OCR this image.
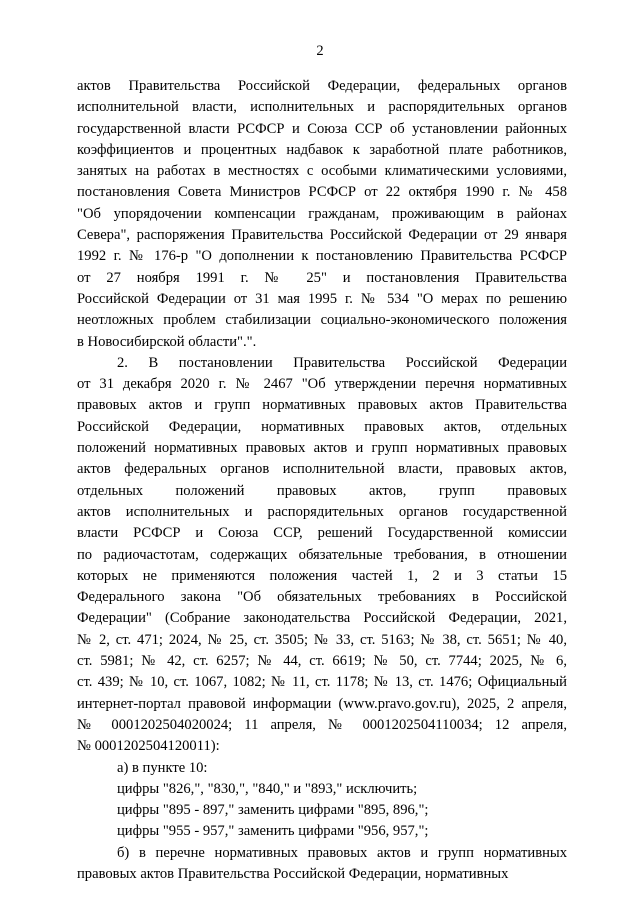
2

актов Правительства Российской Федерации, федеральных органов
исполнительной власти, исполнительных и распорядительных органов
государственной власти РСФСР и Союза ССР об установлении районных
коэффициентов и процентных надбавок к заработной плате работников,
занятых на работах в местностях с особыми климатическими условиями,
постановления Совета Министров РСФСР от 22 октября 1990 г. № 458
"Об упорядочении компенсации гражданам, проживающим в районах
Севера", распоряжения Правительства Российской Федерации от 29 января
1992 г. № 176-р "О дополнении к постановлению Правительства РСФСР
от 27 ноября 1991 г. № 25" и постановления Правительства
Российской Федерации от 31 мая 1995 г. № 534 "О мерах по решению
неотложных проблем стабилизации социально-экономического положения
в Новосибирской области".".

2. В постановлении Правительства Российской Федерации
от 31 декабря 2020 г. № 2467 "Об утверждении перечня нормативных
правовых актов и групп нормативных правовых актов Правительства
Российской Федерации, нормативных правовых актов, отдельных
положений нормативных правовых актов и групп нормативных правовых
актов федеральных органов исполнительной власти, правовых актов,
отдельных положений правовых актов, групп правовых
актов исполнительных и распорядительных органов государственной
власти РСФСР и Союза ССР, решений Государственной комиссии
по радиочастотам, содержащих обязательные требования, в отношении
которых не применяются положения частей 1, 2 и 3 статьи 15
Федерального закона "Об обязательных требованиях в Российской
Федерации" (Собрание законодательства Российской Федерации, 2021,
№ 2, ст. 471; 2024, № 25, ст. 3505; № 33, ст. 5163; № 38, ст. 5651; № 40,
ст. 5981; № 42, ст. 6257; № 44, ст. 6619; № 50, ст. 7744; 2025, № 6,
ст. 439; № 10, ст. 1067, 1082; № 11, ст. 1178; № 13, ст. 1476; Официальный
интернет-портал правовой информации (www.pravo.gov.ru), 2025, 2 апреля,
№ 0001202504020024; 11 апреля, № 0001202504110034; 12 апреля,
№ 0001202504120011):

а) в пункте 10:

цифры "826,", "830,", "840," и "893," исключить;

цифры "895 - 897," заменить цифрами "895, 896,";

цифры "955 - 957," заменить цифрами "956, 957,";

б) в перечне нормативных правовых актов и групп нормативных
правовых актов Правительства Российской Федерации, нормативных
